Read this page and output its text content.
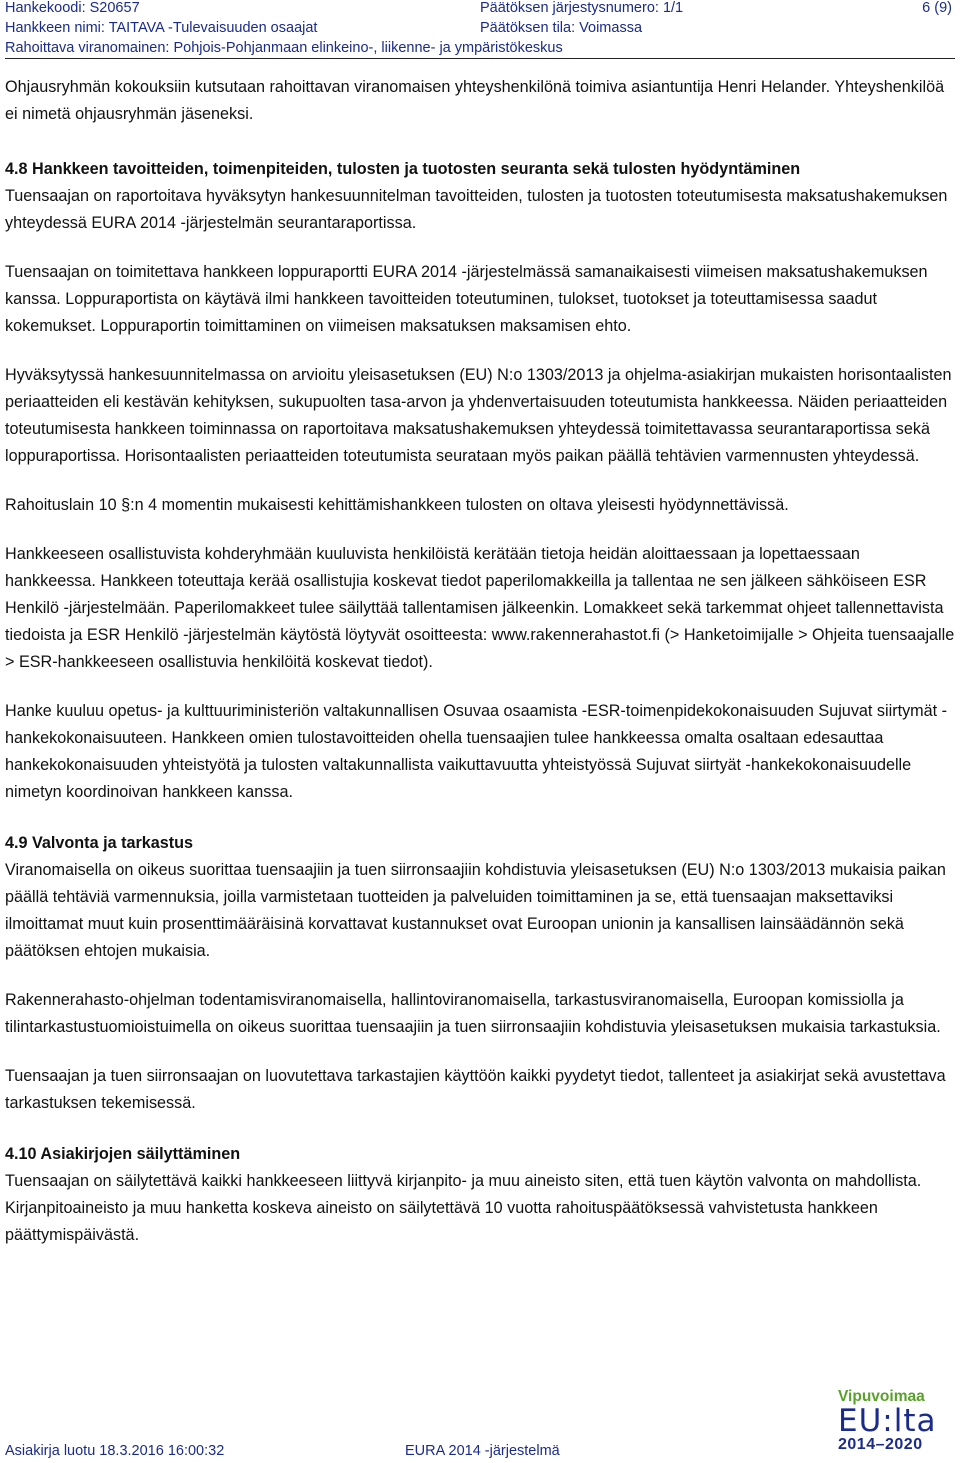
Hankekoodi: S20657	Päätöksen järjestysnumero: 1/1	6 (9)
Hankkeen nimi: TAITAVA -Tulevaisuuden osaajat	Päätöksen tila: Voimassa
Rahoittava viranomainen: Pohjois-Pohjanmaan elinkeino-, liikenne- ja ympäristökeskus

Ohjausryhmän kokouksiin kutsutaan rahoittavan viranomaisen yhteyshenkilönä toimiva asiantuntija Henri Helander. Yhteyshenkilöä ei nimetä ohjausryhmän jäseneksi.

4.8 Hankkeen tavoitteiden, toimenpiteiden, tulosten ja tuotosten seuranta sekä tulosten hyödyntäminen

Tuensaajan on raportoitava hyväksytyn hankesuunnitelman tavoitteiden, tulosten ja tuotosten toteutumisesta maksatushakemuksen yhteydessä EURA 2014 -järjestelmän seurantaraportissa.

Tuensaajan on toimitettava hankkeen loppuraportti EURA 2014 -järjestelmässä samanaikaisesti viimeisen maksatushakemuksen kanssa. Loppuraportista on käytävä ilmi hankkeen tavoitteiden toteutuminen, tulokset, tuotokset ja toteuttamisessa saadut kokemukset. Loppuraportin toimittaminen on viimeisen maksatuksen maksamisen ehto.

Hyväksytyssä hankesuunnitelmassa on arvioitu yleisasetuksen (EU) N:o 1303/2013 ja ohjelma-asiakirjan mukaisten horisontaalisten periaatteiden eli kestävän kehityksen, sukupuolten tasa-arvon ja yhdenvertaisuuden toteutumista hankkeessa. Näiden periaatteiden toteutumisesta hankkeen toiminnassa on raportoitava maksatushakemuksen yhteydessä toimitettavassa seurantaraportissa sekä loppuraportissa. Horisontaalisten periaatteiden toteutumista seurataan myös paikan päällä tehtävien varmennusten yhteydessä.

Rahoituslain 10 §:n 4 momentin mukaisesti kehittämishankkeen tulosten on oltava yleisesti hyödynnettävissä.

Hankkeeseen osallistuvista kohderyhmään kuuluvista henkilöistä kerätään tietoja heidän aloittaessaan ja lopettaessaan hankkeessa. Hankkeen toteuttaja kerää osallistujia koskevat tiedot paperilomakkeilla ja tallentaa ne sen jälkeen sähköiseen ESR Henkilö -järjestelmään. Paperilomakkeet tulee säilyttää tallentamisen jälkeenkin. Lomakkeet sekä tarkemmat ohjeet tallennettavista tiedoista ja ESR Henkilö -järjestelmän käytöstä löytyvät osoitteesta: www.rakennerahastot.fi (> Hanketoimijalle > Ohjeita tuensaajalle > ESR-hankkeeseen osallistuvia henkilöitä koskevat tiedot).

Hanke kuuluu opetus- ja kulttuuriministeriön valtakunnallisen Osuvaa osaamista -ESR-toimenpidekokonaisuuden Sujuvat siirtymät -hankekokonaisuuteen. Hankkeen omien tulostavoitteiden ohella tuensaajien tulee hankkeessa omalta osaltaan edesauttaa hankekokonaisuuden yhteistyötä ja tulosten valtakunnallista vaikuttavuutta yhteistyössä Sujuvat siirtyät -hankekokonaisuudelle nimetyn koordinoivan hankkeen kanssa.

4.9 Valvonta ja tarkastus

Viranomaisella on oikeus suorittaa tuensaajiin ja tuen siirronsaajiin kohdistuvia yleisasetuksen (EU) N:o 1303/2013 mukaisia paikan päällä tehtäviä varmennuksia, joilla varmistetaan tuotteiden ja palveluiden toimittaminen ja se, että tuensaajan maksettaviksi ilmoittamat muut kuin prosenttimääräisinä korvattavat kustannukset ovat Euroopan unionin ja kansallisen lainsäädännön sekä päätöksen ehtojen mukaisia.

Rakennerahasto-ohjelman todentamisviranomaisella, hallintoviranomaisella, tarkastusviranomaisella, Euroopan komissiolla ja tilintarkastustuomioistuimella on oikeus suorittaa tuensaajiin ja tuen siirronsaajiin kohdistuvia yleisasetuksen mukaisia tarkastuksia.

Tuensaajan ja tuen siirronsaajan on luovutettava tarkastajien käyttöön kaikki pyydetyt tiedot, tallenteet ja asiakirjat sekä avustettava tarkastuksen tekemisessä.

4.10 Asiakirjojen säilyttäminen

Tuensaajan on säilytettävä kaikki hankkeeseen liittyvä kirjanpito- ja muu aineisto siten, että tuen käytön valvonta on mahdollista. Kirjanpitoaineisto ja muu hanketta koskeva aineisto on säilytettävä 10 vuotta rahoituspäätöksessä vahvistetusta hankkeen päättymispäivästä.

Asiakirja luotu 18.3.2016 16:00:32	EURA 2014 -järjestelmä
Vipuvoimaa
EU:lta
2014–2020
